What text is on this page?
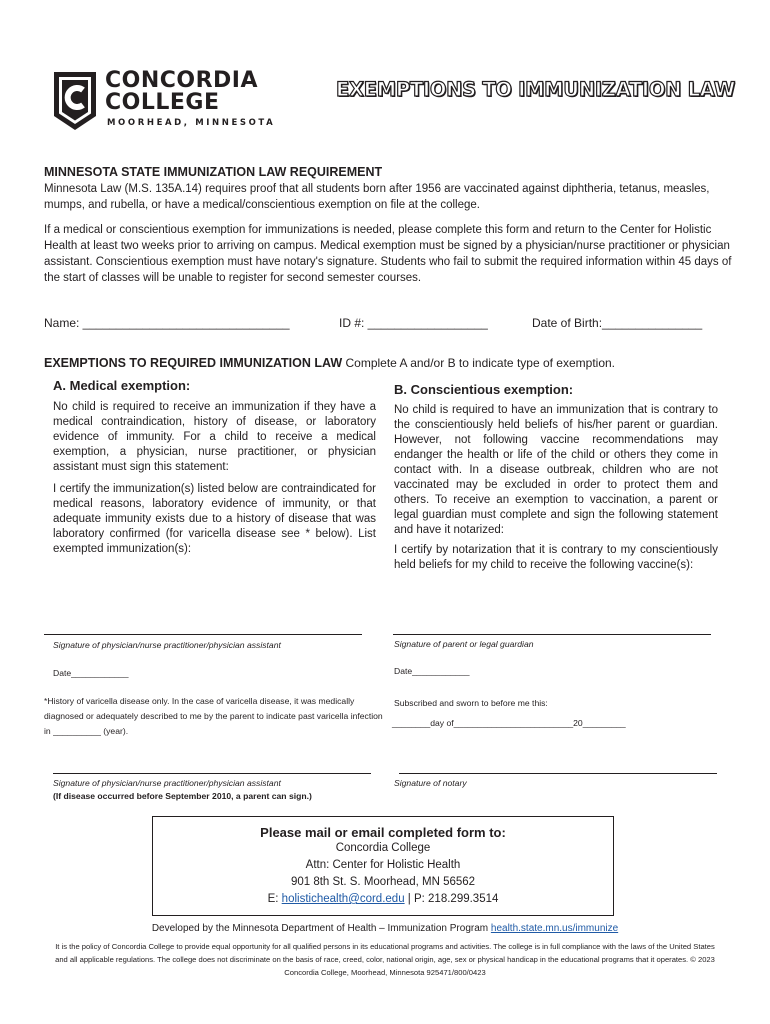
CONCORDIA
COLLEGE
MOORHEAD, MINNESOTA
EXEMPTIONS TO IMMUNIZATION LAW
MINNESOTA STATE IMMUNIZATION LAW REQUIREMENT
Minnesota Law (M.S. 135A.14) requires proof that all students born after 1956 are vaccinated against diphtheria, tetanus, measles, mumps, and rubella, or have a medical/conscientious exemption on file at the college.
If a medical or conscientious exemption for immunizations is needed, please complete this form and return to the Center for Holistic Health at least two weeks prior to arriving on campus. Medical exemption must be signed by a physician/nurse practitioner or physician assistant. Conscientious exemption must have notary's signature. Students who fail to submit the required information within 45 days of the start of classes will be unable to register for second semester courses.
Name: _______________________________	ID #: __________________	Date of Birth:_______________
EXEMPTIONS TO REQUIRED IMMUNIZATION LAW Complete A and/or B to indicate type of exemption.
A. Medical exemption:
No child is required to receive an immunization if they have a medical contraindication, history of disease, or laboratory evidence of immunity. For a child to receive a medical exemption, a physician, nurse practitioner, or physician assistant must sign this statement:
I certify the immunization(s) listed below are contraindicated for medical reasons, laboratory evidence of immunity, or that adequate immunity exists due to a history of disease that was laboratory confirmed (for varicella disease see * below). List exempted immunization(s):
Signature of physician/nurse practitioner/physician assistant
Date____________
*History of varicella disease only. In the case of varicella disease, it was medically diagnosed or adequately described to me by the parent to indicate past varicella infection in __________ (year).
Signature of physician/nurse practitioner/physician assistant
(If disease occurred before September 2010, a parent can sign.)
B. Conscientious exemption:
No child is required to have an immunization that is contrary to the conscientiously held beliefs of his/her parent or guardian. However, not following vaccine recommendations may endanger the health or life of the child or others they come in contact with. In a disease outbreak, children who are not vaccinated may be excluded in order to protect them and others. To receive an exemption to vaccination, a parent or legal guardian must complete and sign the following statement and have it notarized:
I certify by notarization that it is contrary to my conscientiously held beliefs for my child to receive the following vaccine(s):
Signature of parent or legal guardian
Date____________
Subscribed and sworn to before me this:
________day of_________________________20_________
Signature of notary
Please mail or email completed form to:
Concordia College
Attn: Center for Holistic Health
901 8th St. S. Moorhead, MN 56562
E: holistichealth@cord.edu | P: 218.299.3514
Developed by the Minnesota Department of Health – Immunization Program health.state.mn.us/immunize
It is the policy of Concordia College to provide equal opportunity for all qualified persons in its educational programs and activities. The college is in full compliance with the laws of the United States and all applicable regulations. The college does not discriminate on the basis of race, creed, color, national origin, age, sex or physical handicap in the educational programs that it operates. © 2023 Concordia College, Moorhead, Minnesota 925471/800/0423
